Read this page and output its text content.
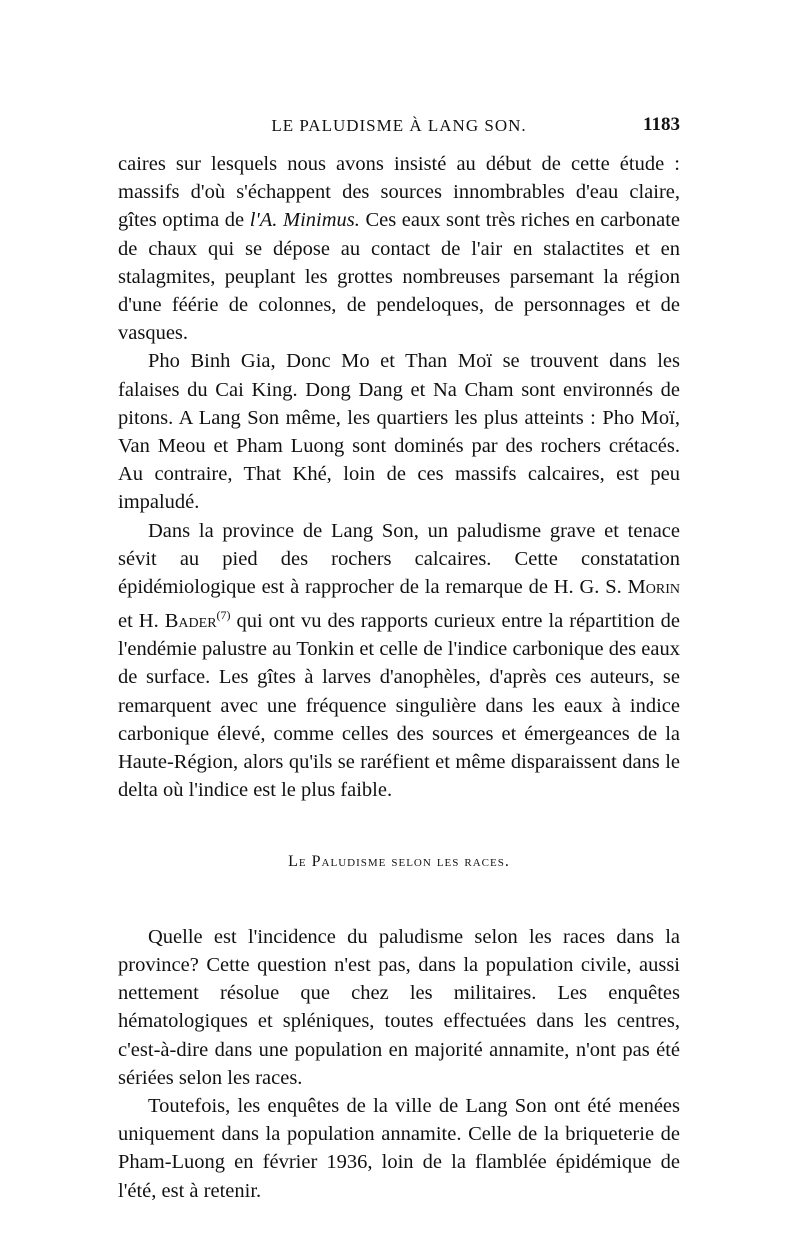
LE PALUDISME À LANG SON.	1183

caires sur lesquels nous avons insisté au début de cette étude : massifs d'où s'échappent des sources innombrables d'eau claire, gîtes optima de l'A. Minimus. Ces eaux sont très riches en carbonate de chaux qui se dépose au contact de l'air en stalactites et en stalagmites, peuplant les grottes nombreuses parsemant la région d'une féérie de colonnes, de pendeloques, de personnages et de vasques.

Pho Binh Gia, Donc Mo et Than Moï se trouvent dans les falaises du Cai King. Dong Dang et Na Cham sont environnés de pitons. A Lang Son même, les quartiers les plus atteints : Pho Moï, Van Meou et Pham Luong sont dominés par des rochers crétacés. Au contraire, That Khé, loin de ces massifs calcaires, est peu impaludé.

Dans la province de Lang Son, un paludisme grave et tenace sévit au pied des rochers calcaires. Cette constatation épidémiologique est à rapprocher de la remarque de H. G. S. Morin et H. Bader$^{(7)}$ qui ont vu des rapports curieux entre la répartition de l'endémie palustre au Tonkin et celle de l'indice carbonique des eaux de surface. Les gîtes à larves d'anophèles, d'après ces auteurs, se remarquent avec une fréquence singulière dans les eaux à indice carbonique élevé, comme celles des sources et émergeances de la Haute-Région, alors qu'ils se raréfient et même disparaissent dans le delta où l'indice est le plus faible.

Le Paludisme selon les races.

Quelle est l'incidence du paludisme selon les races dans la province? Cette question n'est pas, dans la population civile, aussi nettement résolue que chez les militaires. Les enquêtes hématologiques et spléniques, toutes effectuées dans les centres, c'est-à-dire dans une population en majorité annamite, n'ont pas été sériées selon les races.

Toutefois, les enquêtes de la ville de Lang Son ont été menées uniquement dans la population annamite. Celle de la briqueterie de Pham-Luong en février 1936, loin de la flamblée épidémique de l'été, est à retenir.
